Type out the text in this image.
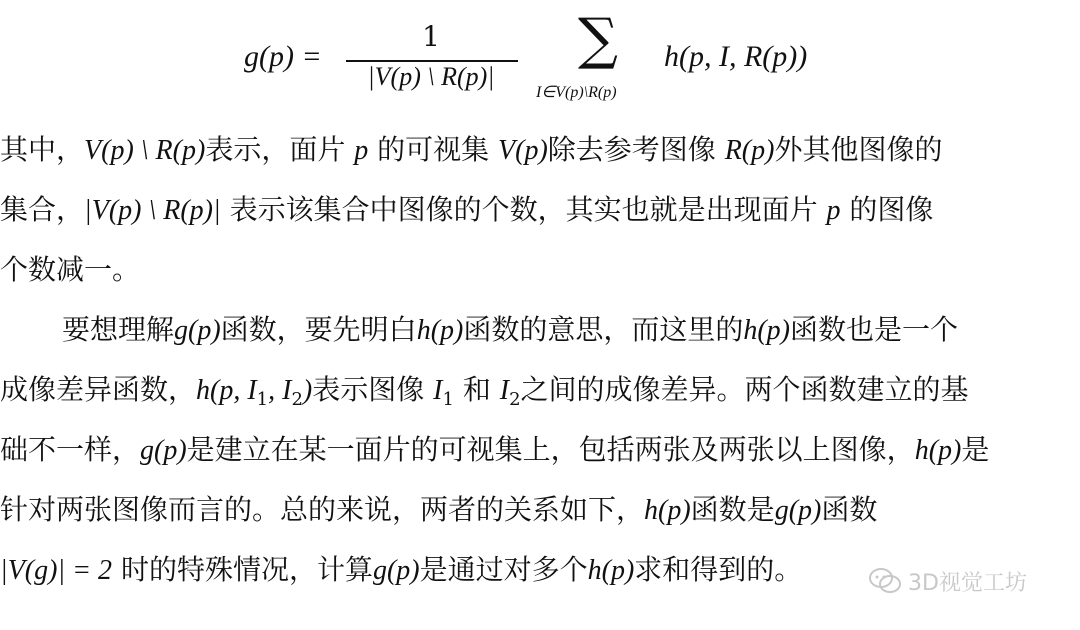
g(p) =
1
|V(p) \ R(p)|
∑
I∈V(p)\R(p)
h(p, I, R(p))
其中，V(p) \ R(p)表示，面片 p 的可视集 V(p)除去参考图像 R(p)外其他图像的
集合，|V(p) \ R(p)| 表示该集合中图像的个数，其实也就是出现面片 p 的图像
个数减一。
要想理解g(p)函数，要先明白h(p)函数的意思，而这里的h(p)函数也是一个
成像差异函数，h(p, $I_1$, $I_2$)表示图像 $I_1$ 和 $I_2$之间的成像差异。两个函数建立的基
础不一样，g(p)是建立在某一面片的可视集上，包括两张及两张以上图像，h(p)是
针对两张图像而言的。总的来说，两者的关系如下，h(p)函数是g(p)函数
|V(g)| = 2 时的特殊情况，计算g(p)是通过对多个h(p)求和得到的。	3D视觉工坊
